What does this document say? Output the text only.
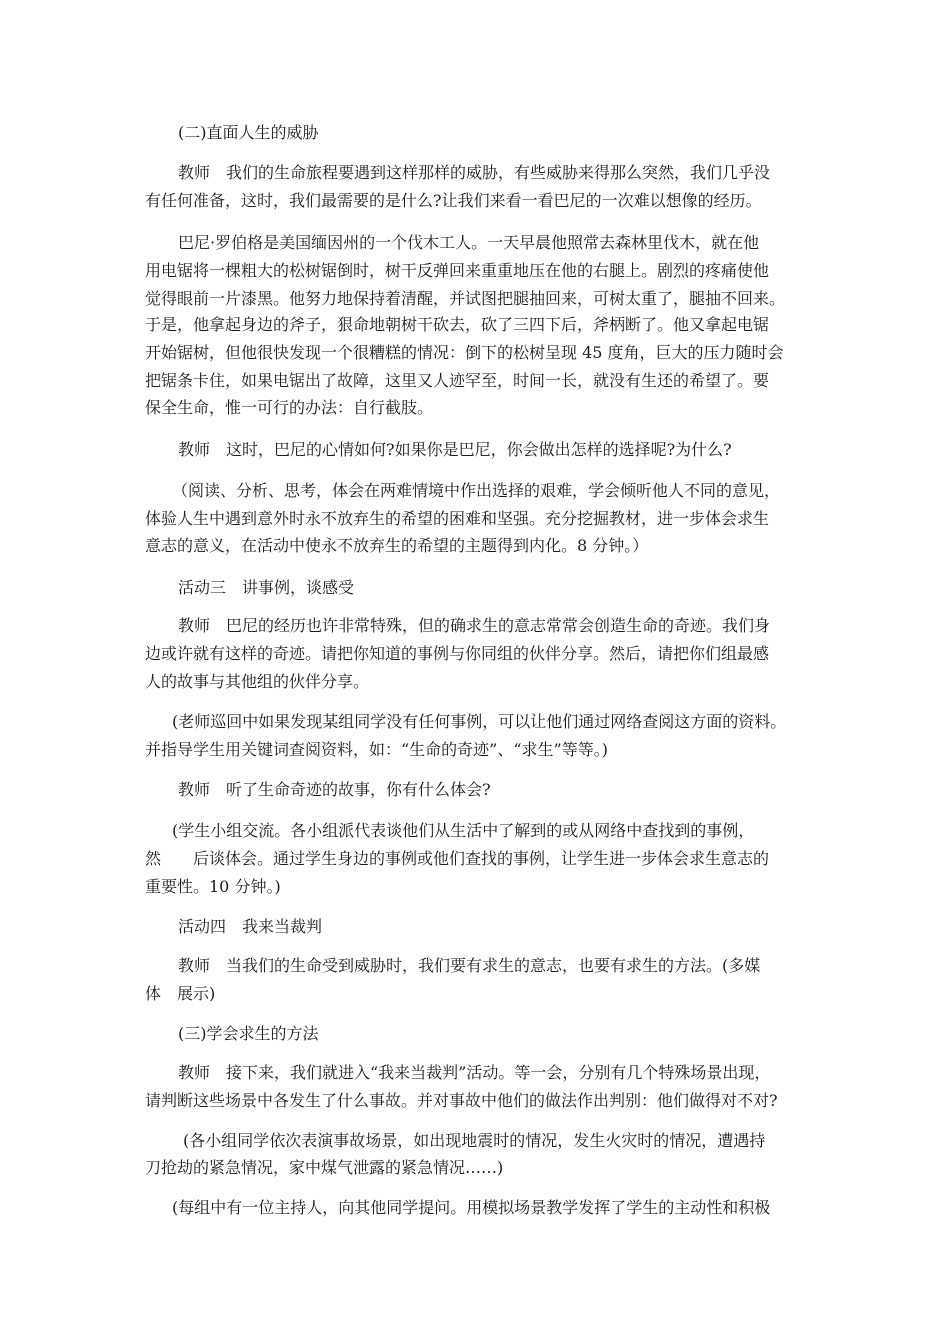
(二)直面人生的威胁
教师　我们的生命旅程要遇到这样那样的威胁，有些威胁来得那么突然，我们几乎没
有任何准备，这时，我们最需要的是什么?让我们来看一看巴尼的一次难以想像的经历。
巴尼·罗伯格是美国缅因州的一个伐木工人。一天早晨他照常去森林里伐木，就在他
用电锯将一棵粗大的松树锯倒时，树干反弹回来重重地压在他的右腿上。剧烈的疼痛使他
觉得眼前一片漆黑。他努力地保持着清醒，并试图把腿抽回来，可树太重了，腿抽不回来。
于是，他拿起身边的斧子，狠命地朝树干砍去，砍了三四下后，斧柄断了。他又拿起电锯
开始锯树，但他很快发现一个很糟糕的情况：倒下的松树呈现 45 度角，巨大的压力随时会
把锯条卡住，如果电锯出了故障，这里又人迹罕至，时间一长，就没有生还的希望了。要
保全生命，惟一可行的办法：自行截肢。
教师　这时，巴尼的心情如何?如果你是巴尼，你会做出怎样的选择呢?为什么?
（阅读、分析、思考，体会在两难情境中作出选择的艰难，学会倾听他人不同的意见，
体验人生中遇到意外时永不放弃生的希望的困难和坚强。充分挖掘教材，进一步体会求生
意志的意义，在活动中使永不放弃生的希望的主题得到内化。8 分钟。）
活动三　讲事例，谈感受
教师　巴尼的经历也许非常特殊，但的确求生的意志常常会创造生命的奇迹。我们身
边或许就有这样的奇迹。请把你知道的事例与你同组的伙伴分享。然后，请把你们组最感
人的故事与其他组的伙伴分享。
(老师巡回中如果发现某组同学没有任何事例，可以让他们通过网络查阅这方面的资料。
并指导学生用关键词查阅资料，如：“生命的奇迹”、“求生”等等。)
教师　听了生命奇迹的故事，你有什么体会?
(学生小组交流。各小组派代表谈他们从生活中了解到的或从网络中查找到的事例，
然	后谈体会。通过学生身边的事例或他们查找的事例，让学生进一步体会求生意志的
重要性。10 分钟。)
活动四　我来当裁判
教师　当我们的生命受到威胁时，我们要有求生的意志，也要有求生的方法。(多媒
体　展示)
(三)学会求生的方法
教师　接下来，我们就进入“我来当裁判”活动。等一会，分别有几个特殊场景出现，
请判断这些场景中各发生了什么事故。并对事故中他们的做法作出判别：他们做得对不对?
(各小组同学依次表演事故场景，如出现地震时的情况，发生火灾时的情况，遭遇持
刀抢劫的紧急情况，家中煤气泄露的紧急情况……)
(每组中有一位主持人，向其他同学提问。用模拟场景教学发挥了学生的主动性和积极
